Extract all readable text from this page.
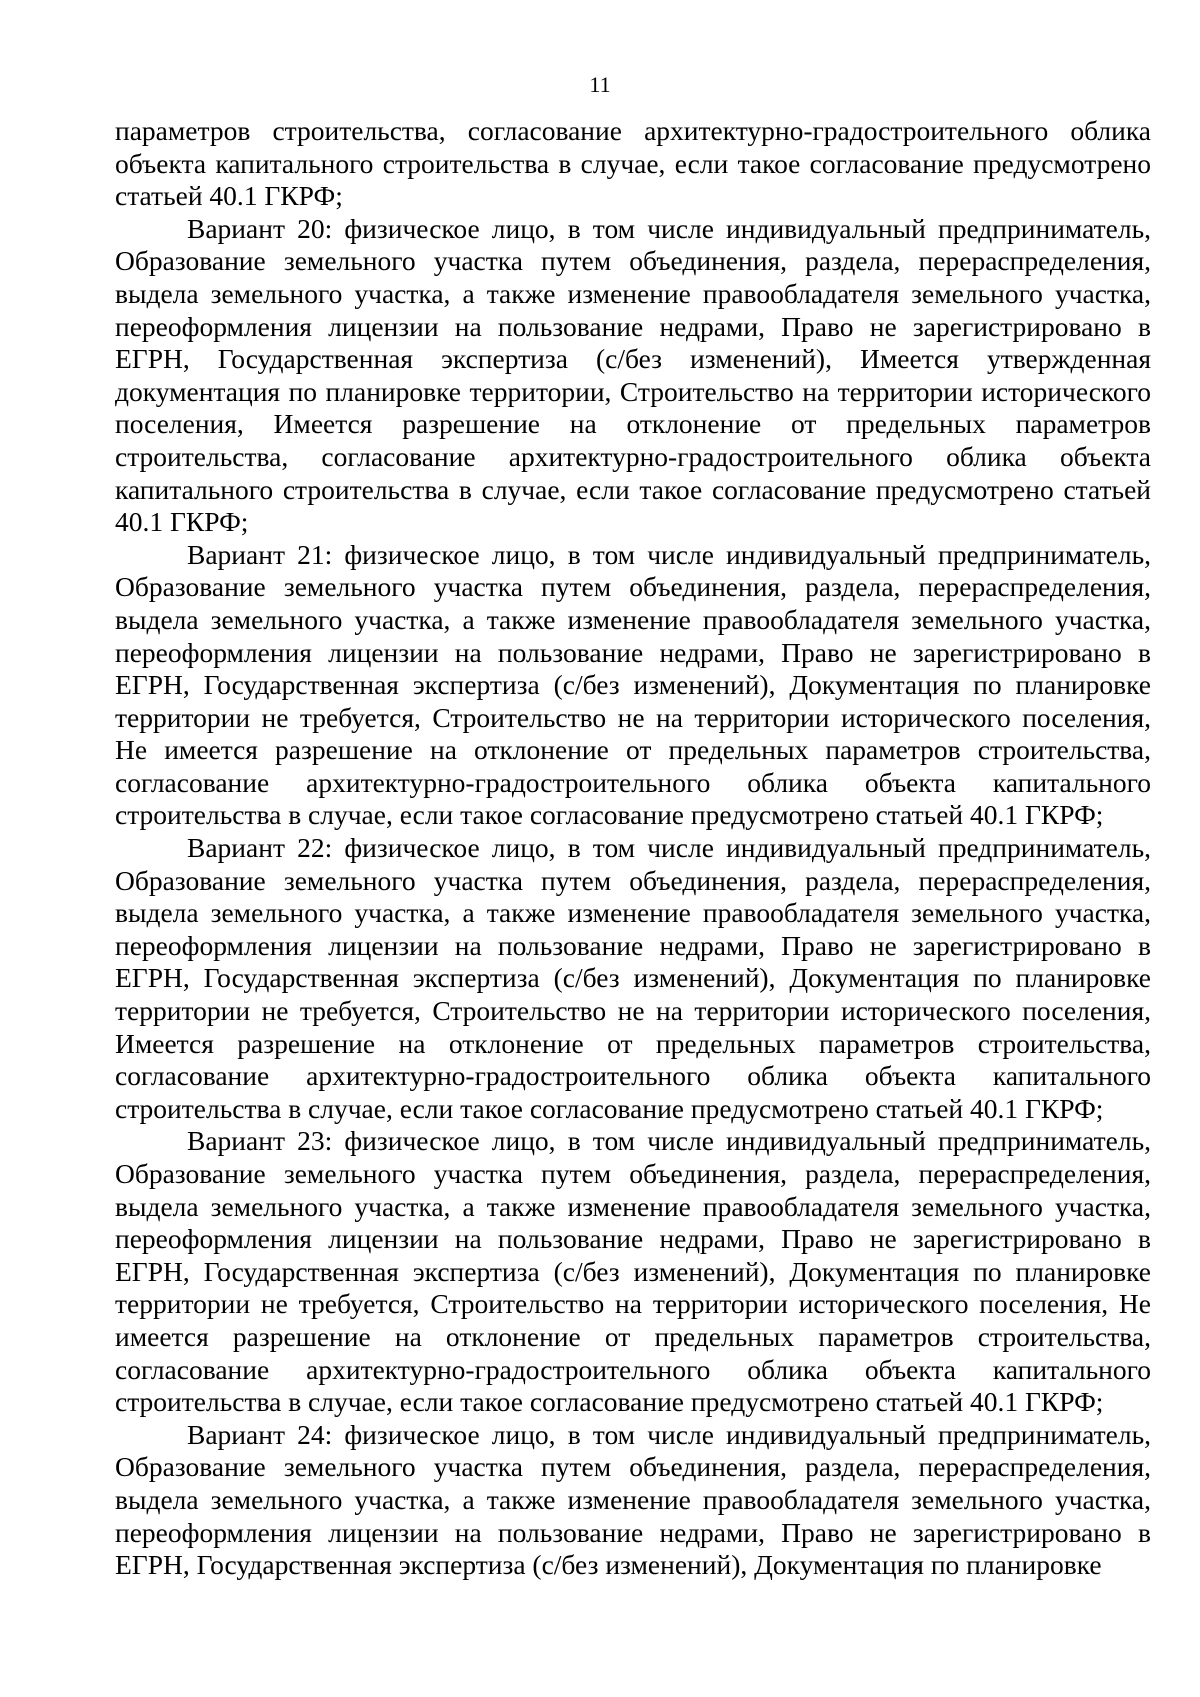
11

параметров строительства, согласование архитектурно-градостроительного облика объекта капитального строительства в случае, если такое согласование предусмотрено статьей 40.1 ГКРФ;

Вариант 20: физическое лицо, в том числе индивидуальный предприниматель, Образование земельного участка путем объединения, раздела, перераспределения, выдела земельного участка, а также изменение правообладателя земельного участка, переоформления лицензии на пользование недрами, Право не зарегистрировано в ЕГРН, Государственная экспертиза (с/без изменений), Имеется утвержденная документация по планировке территории, Строительство на территории исторического поселения, Имеется разрешение на отклонение от предельных параметров строительства, согласование архитектурно-градостроительного облика объекта капитального строительства в случае, если такое согласование предусмотрено статьей 40.1 ГКРФ;

Вариант 21: физическое лицо, в том числе индивидуальный предприниматель, Образование земельного участка путем объединения, раздела, перераспределения, выдела земельного участка, а также изменение правообладателя земельного участка, переоформления лицензии на пользование недрами, Право не зарегистрировано в ЕГРН, Государственная экспертиза (с/без изменений), Документация по планировке территории не требуется, Строительство не на территории исторического поселения, Не имеется разрешение на отклонение от предельных параметров строительства, согласование архитектурно-градостроительного облика объекта капитального строительства в случае, если такое согласование предусмотрено статьей 40.1 ГКРФ;

Вариант 22: физическое лицо, в том числе индивидуальный предприниматель, Образование земельного участка путем объединения, раздела, перераспределения, выдела земельного участка, а также изменение правообладателя земельного участка, переоформления лицензии на пользование недрами, Право не зарегистрировано в ЕГРН, Государственная экспертиза (с/без изменений), Документация по планировке территории не требуется, Строительство не на территории исторического поселения, Имеется разрешение на отклонение от предельных параметров строительства, согласование архитектурно-градостроительного облика объекта капитального строительства в случае, если такое согласование предусмотрено статьей 40.1 ГКРФ;

Вариант 23: физическое лицо, в том числе индивидуальный предприниматель, Образование земельного участка путем объединения, раздела, перераспределения, выдела земельного участка, а также изменение правообладателя земельного участка, переоформления лицензии на пользование недрами, Право не зарегистрировано в ЕГРН, Государственная экспертиза (с/без изменений), Документация по планировке территории не требуется, Строительство на территории исторического поселения, Не имеется разрешение на отклонение от предельных параметров строительства, согласование архитектурно-градостроительного облика объекта капитального строительства в случае, если такое согласование предусмотрено статьей 40.1 ГКРФ;

Вариант 24: физическое лицо, в том числе индивидуальный предприниматель, Образование земельного участка путем объединения, раздела, перераспределения, выдела земельного участка, а также изменение правообладателя земельного участка, переоформления лицензии на пользование недрами, Право не зарегистрировано в ЕГРН, Государственная экспертиза (с/без изменений), Документация по планировке
